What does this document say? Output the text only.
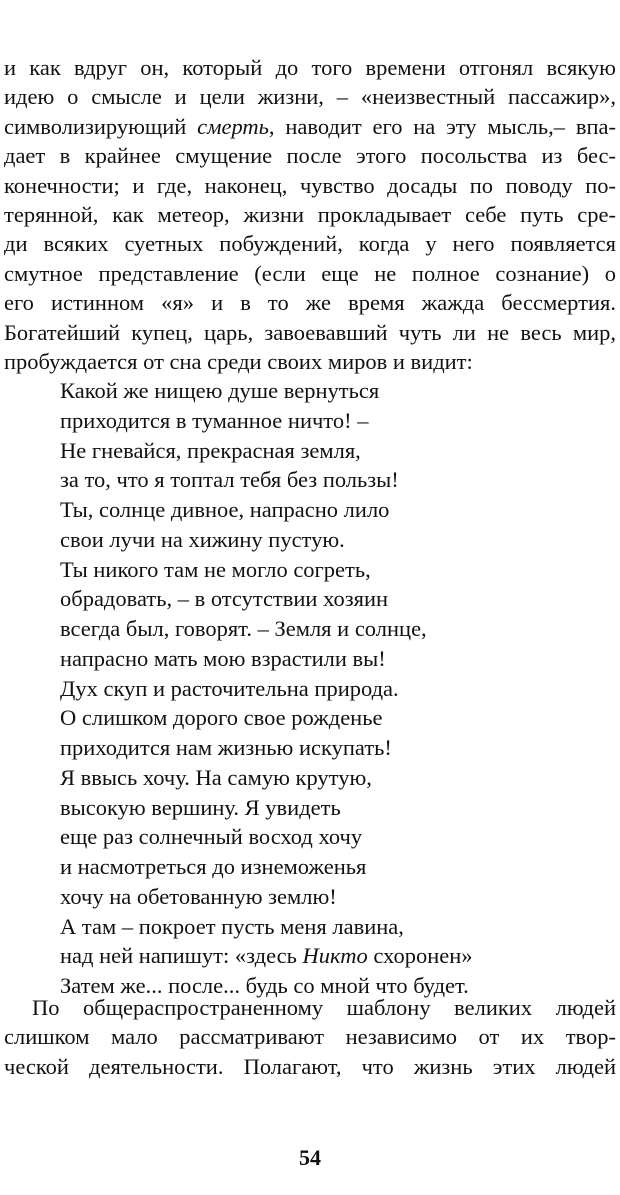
и как вдруг он, который до того времени отгонял всякую
идею о смысле и цели жизни, – «неизвестный пассажир»,
символизирующий смерть, наводит его на эту мысль,– впа-
дает в крайнее смущение после этого посольства из бес-
конечности; и где, наконец, чувство досады по поводу по-
терянной, как метеор, жизни прокладывает себе путь сре-
ди всяких суетных побуждений, когда у него появляется
смутное представление (если еще не полное сознание) о
его истинном «я» и в то же время жажда бессмертия.
Богатейший купец, царь, завоевавший чуть ли не весь мир,
пробуждается от сна среди своих миров и видит:
Какой же нищею душе вернуться
приходится в туманное ничто! –
Не гневайся, прекрасная земля,
за то, что я топтал тебя без пользы!
Ты, солнце дивное, напрасно лило
свои лучи на хижину пустую.
Ты никого там не могло согреть,
обрадовать, – в отсутствии хозяин
всегда был, говорят. – Земля и солнце,
напрасно мать мою взрастили вы!
Дух скуп и расточительна природа.
О слишком дорого свое рожденье
приходится нам жизнью искупать!
Я ввысь хочу. На самую крутую,
высокую вершину. Я увидеть
еще раз солнечный восход хочу
и насмотреться до изнеможенья
хочу на обетованную землю!
А там – покроет пусть меня лавина,
над ней напишут: «здесь Никто схоронен»
Затем же... после... будь со мной что будет.
По общераспространенному шаблону великих людей
слишком мало рассматривают независимо от их твор-
ческой деятельности. Полагают, что жизнь этих людей
54
